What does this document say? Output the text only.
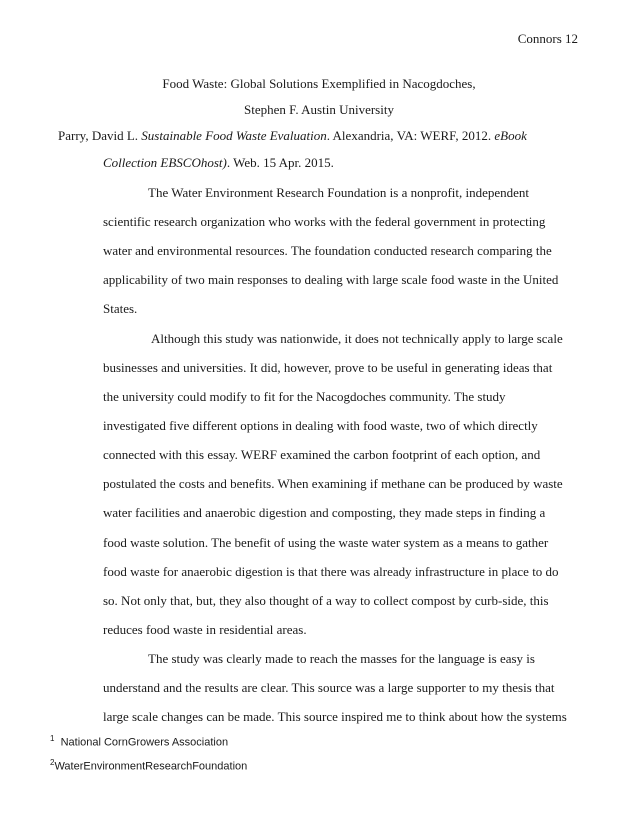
Connors 12
Food Waste: Global Solutions Exemplified in Nacogdoches,
Stephen F. Austin University
Parry, David L. Sustainable Food Waste Evaluation. Alexandria, VA: WERF, 2012. eBook
Collection EBSCOhost). Web. 15 Apr. 2015.
The Water Environment Research Foundation is a nonprofit, independent
scientific research organization who works with the federal government in protecting
water and environmental resources. The foundation conducted research comparing the
applicability of two main responses to dealing with large scale food waste in the United
States.
Although this study was nationwide, it does not technically apply to large scale
businesses and universities. It did, however, prove to be useful in generating ideas that
the university could modify to fit for the Nacogdoches community. The study
investigated five different options in dealing with food waste, two of which directly
connected with this essay. WERF examined the carbon footprint of each option, and
postulated the costs and benefits. When examining if methane can be produced by waste
water facilities and anaerobic digestion and composting, they made steps in finding a
food waste solution. The benefit of using the waste water system as a means to gather
food waste for anaerobic digestion is that there was already infrastructure in place to do
so. Not only that, but, they also thought of a way to collect compost by curb-side, this
reduces food waste in residential areas.
The study was clearly made to reach the masses for the language is easy is
understand and the results are clear. This source was a large supporter to my thesis that
large scale changes can be made. This source inspired me to think about how the systems
$^1$ National CornGrowers Association
$^2$WaterEnvironmentResearchFoundation
